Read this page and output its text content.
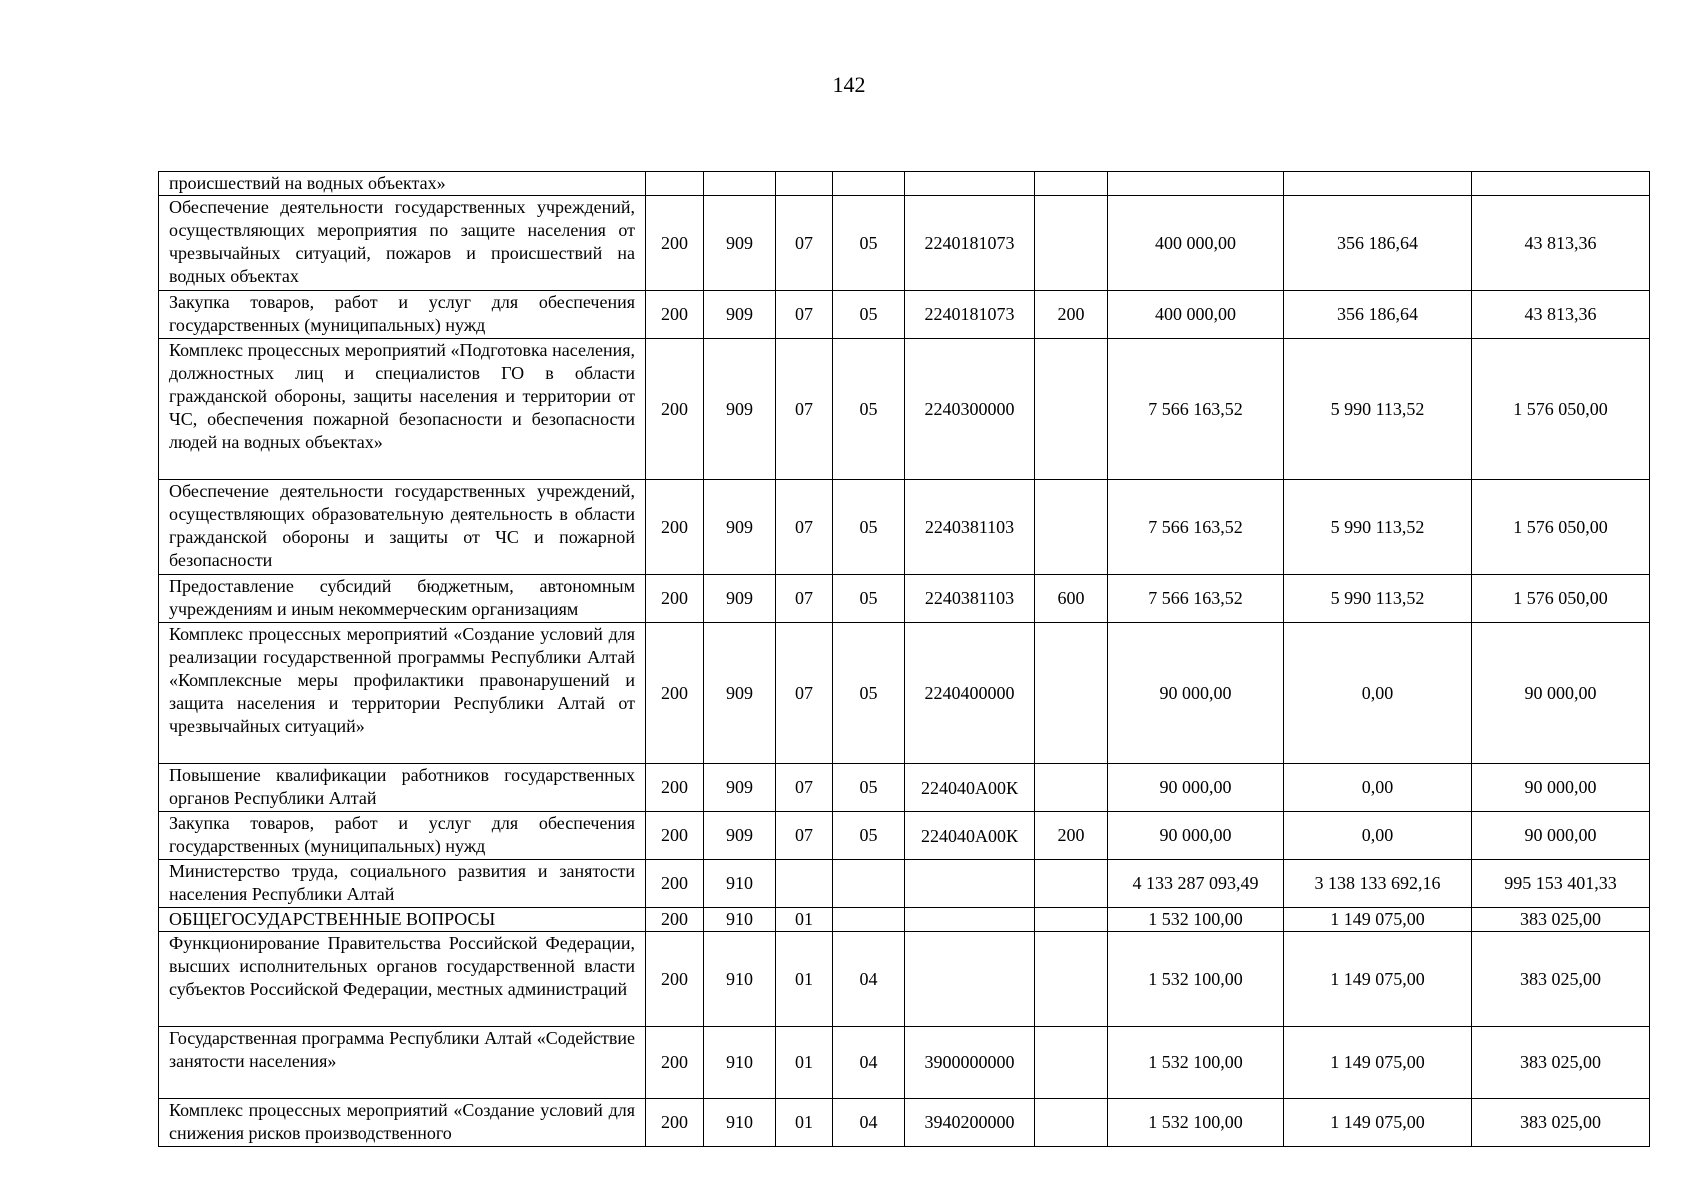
142
происшествий на водных объектах»									
Обеспечение деятельности государственных учреждений, осуществляющих мероприятия по защите населения от чрезвычайных ситуаций, пожаров и происшествий на водных объектах	200	909	07	05	2240181073		400 000,00	356 186,64	43 813,36
Закупка товаров, работ и услуг для обеспечения государственных (муниципальных) нужд	200	909	07	05	2240181073	200	400 000,00	356 186,64	43 813,36
Комплекс процессных мероприятий «Подготовка населения, должностных лиц и специалистов ГО в области гражданской обороны, защиты населения и территории от ЧС, обеспечения пожарной безопасности и безопасности людей на водных объектах»	200	909	07	05	2240300000		7 566 163,52	5 990 113,52	1 576 050,00
Обеспечение деятельности государственных учреждений, осуществляющих образовательную деятельность в области гражданской обороны и защиты от ЧС и пожарной безопасности	200	909	07	05	2240381103		7 566 163,52	5 990 113,52	1 576 050,00
Предоставление субсидий бюджетным, автономным учреждениям и иным некоммерческим организациям	200	909	07	05	2240381103	600	7 566 163,52	5 990 113,52	1 576 050,00
Комплекс процессных мероприятий «Создание условий для реализации государственной программы Республики Алтай «Комплексные меры профилактики правонарушений и защита населения и территории Республики Алтай от чрезвычайных ситуаций»	200	909	07	05	2240400000		90 000,00	0,00	90 000,00
Повышение квалификации работников государственных органов Республики Алтай	200	909	07	05	224040А00К		90 000,00	0,00	90 000,00
Закупка товаров, работ и услуг для обеспечения государственных (муниципальных) нужд	200	909	07	05	224040А00К	200	90 000,00	0,00	90 000,00
Министерство труда, социального развития и занятости населения Республики Алтай	200	910					4 133 287 093,49	3 138 133 692,16	995 153 401,33
ОБЩЕГОСУДАРСТВЕННЫЕ ВОПРОСЫ	200	910	01				1 532 100,00	1 149 075,00	383 025,00
Функционирование Правительства Российской Федерации, высших исполнительных органов государственной власти субъектов Российской Федерации, местных администраций	200	910	01	04			1 532 100,00	1 149 075,00	383 025,00
Государственная программа Республики Алтай «Содействие занятости населения»	200	910	01	04	3900000000		1 532 100,00	1 149 075,00	383 025,00
Комплекс процессных мероприятий «Создание условий для снижения рисков производственного	200	910	01	04	3940200000		1 532 100,00	1 149 075,00	383 025,00
